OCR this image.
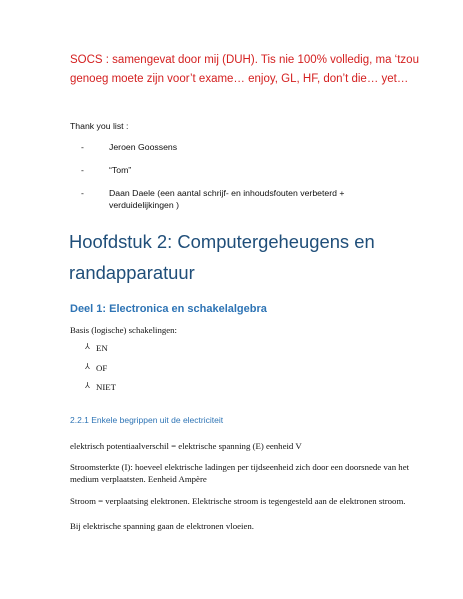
SOCS : samengevat door mij (DUH). Tis nie 100% volledig, ma ‘tzou genoeg moete zijn voor’t exame… enjoy, GL, HF, don’t die… yet…
Thank you list :
-	Jeroen Goossens
-	“Tom”
-	Daan Daele (een aantal schrijf- en inhoudsfouten verbeterd + verduidelijkingen )
Hoofdstuk 2: Computergeheugens en randapparatuur
Deel 1: Electronica en schakelalgebra
Basis (logische) schakelingen:
⅄ EN
⅄ OF
⅄ NIET
2.2.1 Enkele begrippen uit de electriciteit

elektrisch potentiaalverschil = elektrische spanning (E) eenheid V

Stroomsterkte (I): hoeveel elektrische ladingen per tijdseenheid zich door een doorsnede van het medium verplaatsten. Eenheid Ampère

Stroom = verplaatsing elektronen. Elektrische stroom is tegengesteld aan de elektronen stroom.

Bij elektrische spanning gaan de elektronen vloeien.
